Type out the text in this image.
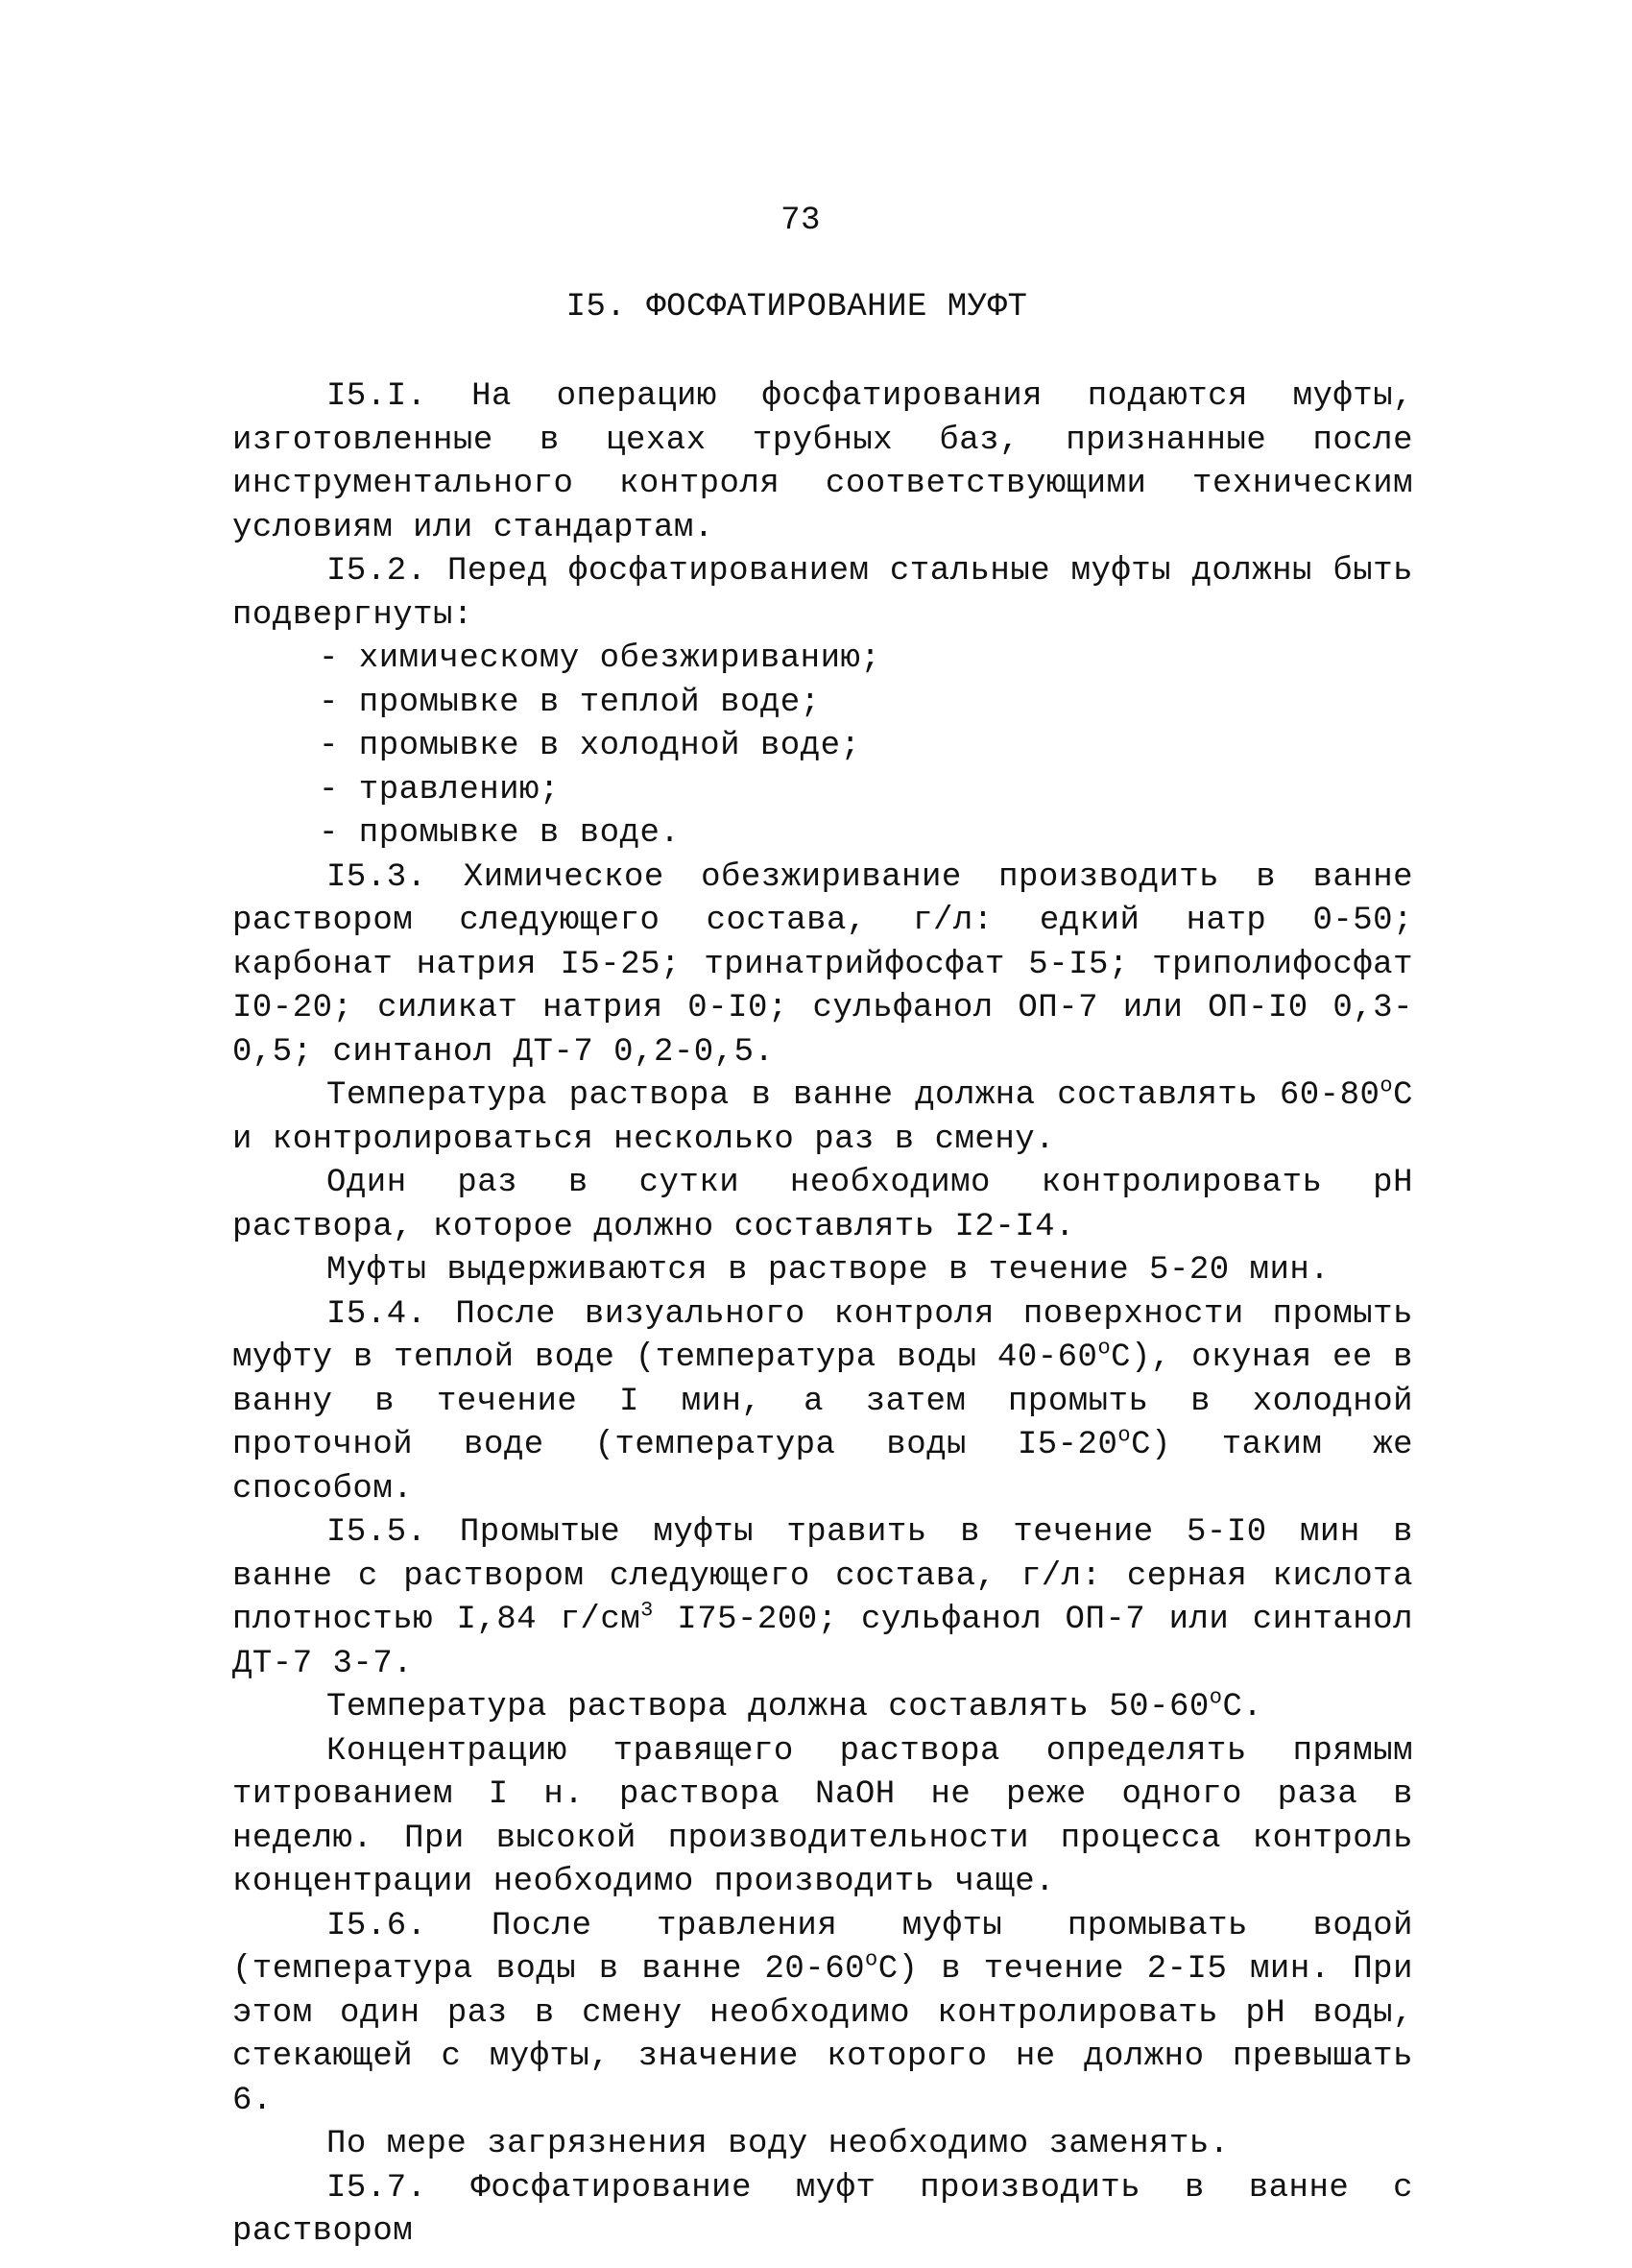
73
I5. ФОСФАТИРОВАНИЕ МУФТ

I5.I. На операцию фосфатирования подаются муфты, изготовленные в цехах трубных баз, признанные после инструментального контроля соответствующими техническим условиям или стандартам.

I5.2. Перед фосфатированием стальные муфты должны быть подвергнуты:

- химическому обезжириванию;
- промывке в теплой воде;
- промывке в холодной воде;
- травлению;
- промывке в воде.

I5.3. Химическое обезжиривание производить в ванне раствором следующего состава, г/л: едкий натр 0-50; карбонат натрия I5-25; тринатрийфосфат 5-I5; триполифосфат I0-20; силикат натрия 0-I0; сульфанол ОП-7 или ОП-I0 0,3-0,5; синтанол ДТ-7 0,2-0,5.

Температура раствора в ванне должна составлять $60-80^оС$ и контролироваться несколько раз в смену.

Один раз в сутки необходимо контролировать рН раствора, которое должно составлять I2-I4.

Муфты выдерживаются в растворе в течение 5-20 мин.

I5.4. После визуального контроля поверхности промыть муфту в теплой воде (температура воды $40-60^оС$), окуная ее в ванну в течение I мин, а затем промыть в холодной проточной воде (температура воды $I5-20^оС$) таким же способом.

I5.5. Промытые муфты травить в течение 5-I0 мин в ванне с раствором следующего состава, г/л: серная кислота плотностью I,84 $г/см^3$ I75-200; сульфанол ОП-7 или синтанол ДТ-7 3-7.

Температура раствора должна составлять $50-60^оС$.

Концентрацию травящего раствора определять прямым титрованием I н. раствора NaOH не реже одного раза в неделю. При высокой производительности процесса контроль концентрации необходимо производить чаще.

I5.6. После травления муфты промывать водой (температура воды в ванне $20-60^оС$) в течение 2-I5 мин. При этом один раз в смену необходимо контролировать рН воды, стекающей с муфты, значение которого не должно превышать 6.

По мере загрязнения воду необходимо заменять.

I5.7. Фосфатирование муфт производить в ванне с раствором
